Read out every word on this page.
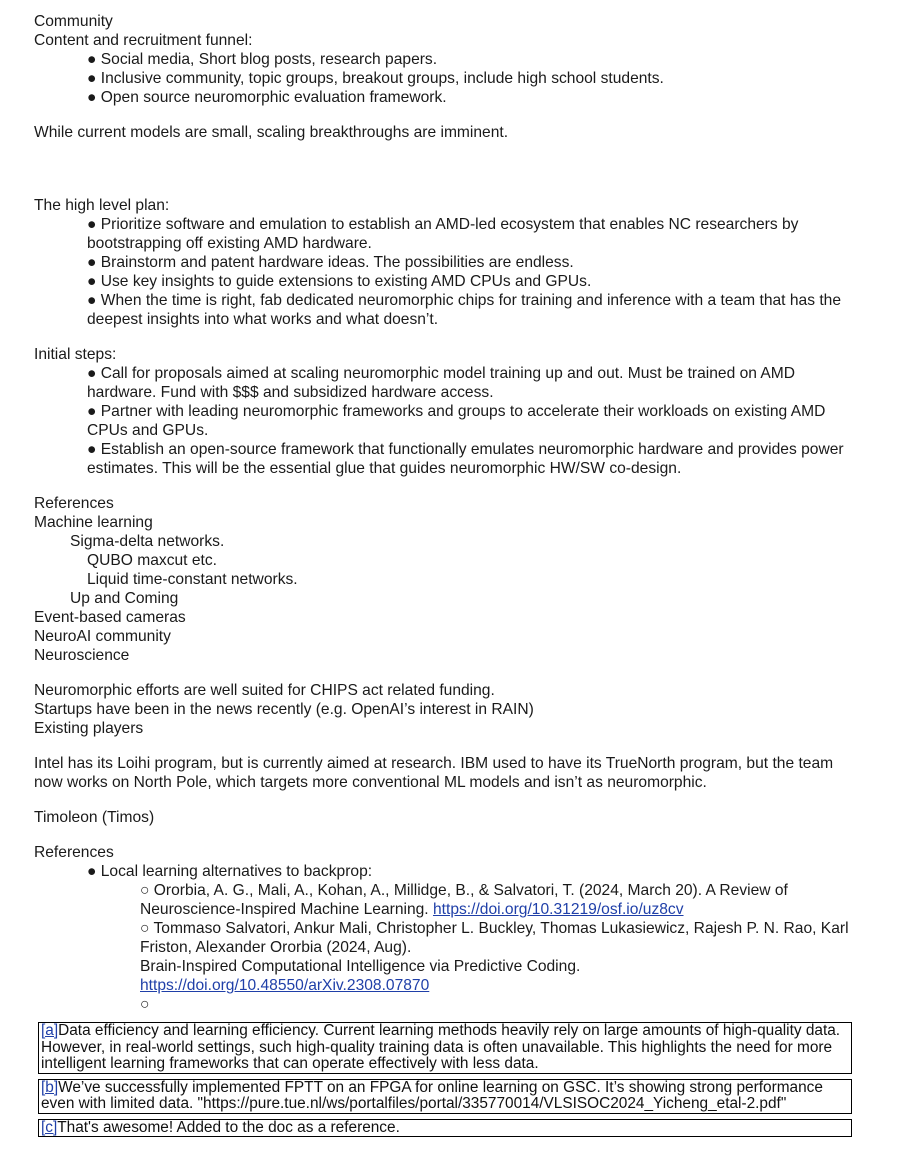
Community
Content and recruitment funnel:
● Social media, Short blog posts, research papers.
● Inclusive community, topic groups, breakout groups, include high school students.
● Open source neuromorphic evaluation framework.
While current models are small, scaling breakthroughs are imminent.
The high level plan:
● Prioritize software and emulation to establish an AMD-led ecosystem that enables NC researchers by bootstrapping off existing AMD hardware.
● Brainstorm and patent hardware ideas. The possibilities are endless.
● Use key insights to guide extensions to existing AMD CPUs and GPUs.
● When the time is right, fab dedicated neuromorphic chips for training and inference with a team that has the deepest insights into what works and what doesn’t.
Initial steps:
● Call for proposals aimed at scaling neuromorphic model training up and out. Must be trained on AMD hardware. Fund with $$$ and subsidized hardware access.
● Partner with leading neuromorphic frameworks and groups to accelerate their workloads on existing AMD CPUs and GPUs.
● Establish an open-source framework that functionally emulates neuromorphic hardware and provides power estimates. This will be the essential glue that guides neuromorphic HW/SW co-design.
References
Machine learning
Sigma-delta networks.
QUBO maxcut etc.
Liquid time-constant networks.
Up and Coming
Event-based cameras
NeuroAI community
Neuroscience
Neuromorphic efforts are well suited for CHIPS act related funding.
Startups have been in the news recently (e.g. OpenAI’s interest in RAIN)
Existing players
Intel has its Loihi program, but is currently aimed at research. IBM used to have its TrueNorth program, but the team now works on North Pole, which targets more conventional ML models and isn’t as neuromorphic.
Timoleon (Timos)
References
● Local learning alternatives to backprop:
○ Ororbia, A. G., Mali, A., Kohan, A., Millidge, B., & Salvatori, T. (2024, March 20). A Review of Neuroscience-Inspired Machine Learning. https://doi.org/10.31219/osf.io/uz8cv
○ Tommaso Salvatori, Ankur Mali, Christopher L. Buckley, Thomas Lukasiewicz, Rajesh P. N. Rao, Karl Friston, Alexander Ororbia (2024, Aug).
Brain-Inspired Computational Intelligence via Predictive Coding.
https://doi.org/10.48550/arXiv.2308.07870
○
[a]Data efficiency and learning efficiency. Current learning methods heavily rely on large amounts of high-quality data. However, in real-world settings, such high-quality training data is often unavailable. This highlights the need for more intelligent learning frameworks that can operate effectively with less data.
[b]We’ve successfully implemented FPTT on an FPGA for online learning on GSC. It’s showing strong performance even with limited data. "https://pure.tue.nl/ws/portalfiles/portal/335770014/VLSISOC2024_Yicheng_etal-2.pdf"
[c]That's awesome! Added to the doc as a reference.
